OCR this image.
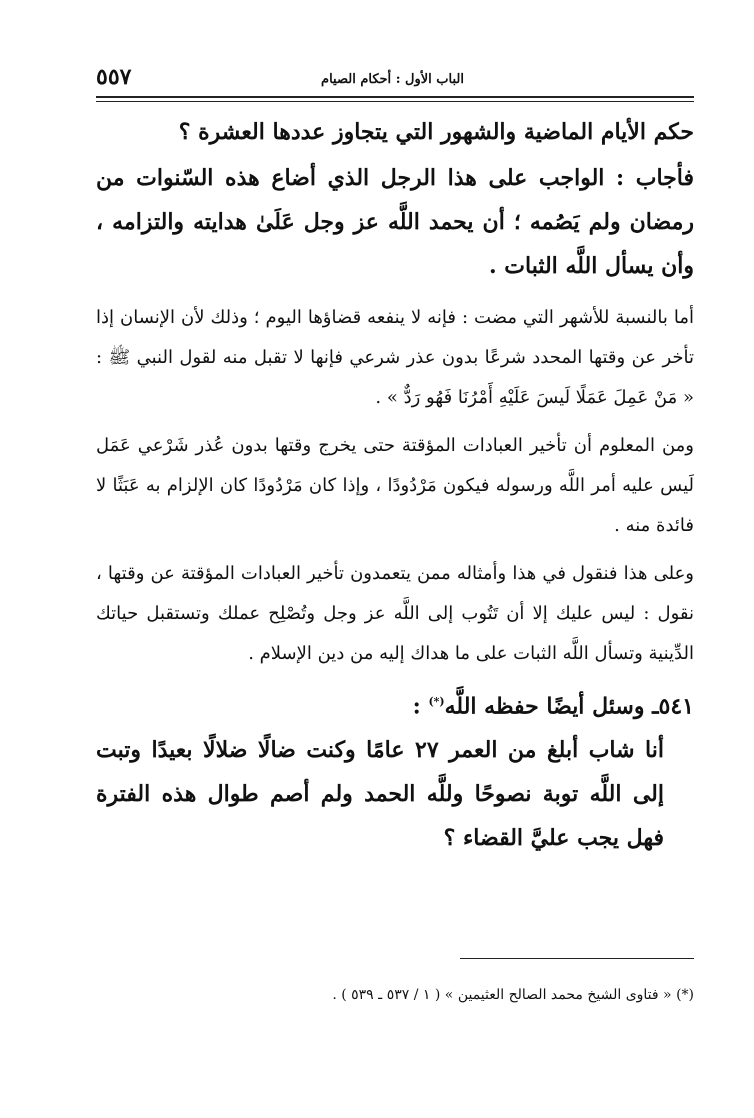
الباب الأول : أحكام الصيام
٥٥٧
حكم الأيام الماضية والشهور التي يتجاوز عددها العشرة ؟

فأجاب : الواجب على هذا الرجل الذي أضاع هذه السّنوات من رمضان ولم يَصُمه ؛ أن يحمد اللَّه عز وجل عَلَىٰ هدايته والتزامه ، وأن يسأل اللَّه الثبات .

أما بالنسبة للأشهر التي مضت : فإنه لا ينفعه قضاؤها اليوم ؛ وذلك لأن الإنسان إذا تأخر عن وقتها المحدد شرعًا بدون عذر شرعي فإنها لا تقبل منه لقول النبي ﷺ : « مَنْ عَمِلَ عَمَلًا لَيسَ عَلَيْهِ أَمْرُنَا فَهُو رَدٌّ » .

ومن المعلوم أن تأخير العبادات المؤقتة حتى يخرج وقتها بدون عُذر شَرْعي عَمَل لَيس عليه أمر اللَّه ورسوله فيكون مَرْدُودًا ، وإذا كان مَرْدُودًا كان الإلزام به عَبَثًا لا فائدة منه .

وعلى هذا فنقول في هذا وأمثاله ممن يتعمدون تأخير العبادات المؤقتة عن وقتها ، نقول : ليس عليك إلا أن تَتُوب إلى اللَّه عز وجل وتُصْلِح عملك وتستقبل حياتك الدِّينية وتسأل اللَّه الثبات على ما هداك إليه من دين الإسلام .

٥٤١ـ وسئل أيضًا حفظه اللَّه(*) :

أنا شاب أبلغ من العمر ٢٧ عامًا وكنت ضالًا ضلالًا بعيدًا وتبت إلى اللَّه توبة نصوحًا وللَّه الحمد ولم أصم طوال هذه الفترة فهل يجب عليَّ القضاء ؟

(*) « فتاوى الشيخ محمد الصالح العثيمين » ( ١ / ٥٣٧ ـ ٥٣٩ ) .
